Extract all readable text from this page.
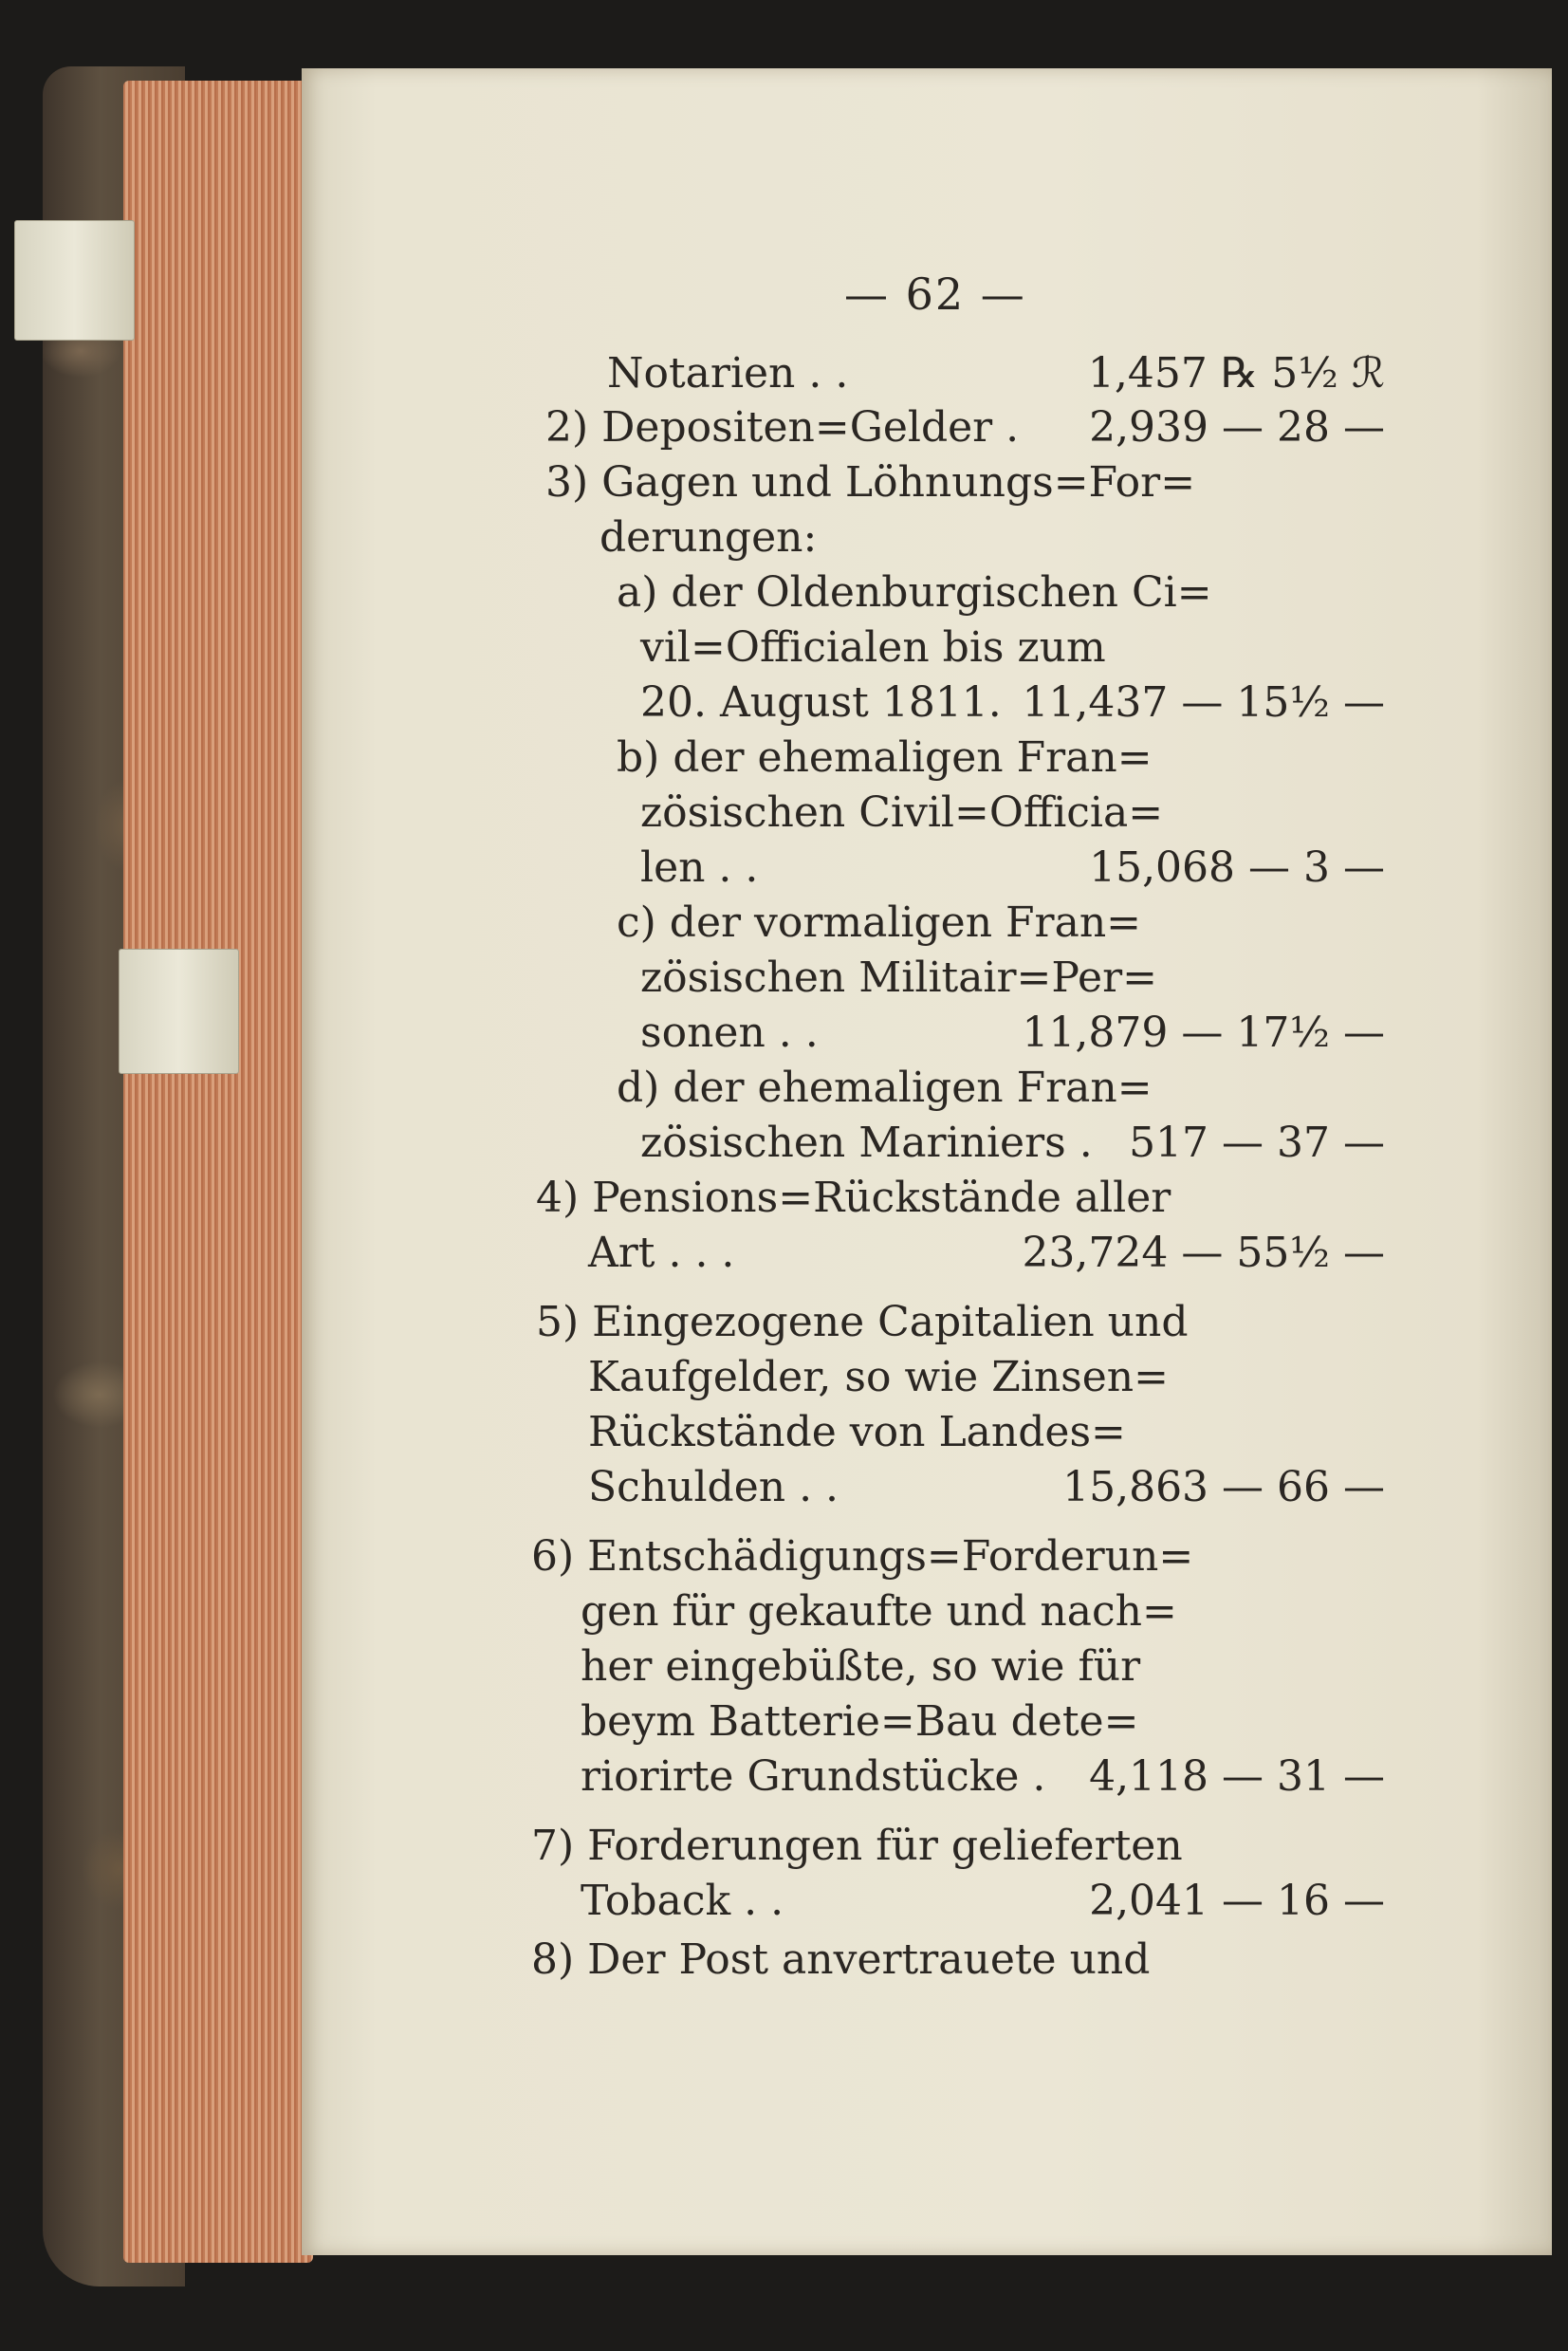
— 62 —
Notarien . .	1,457 ℞ 5½ ℛ
2) Depositen=Gelder . 2,939 — 28 —
3) Gagen und Löhnungs=For=
derungen:
a) der Oldenburgischen Ci=
vil=Officialen bis zum
20. August 1811. 11,437 — 15½ —
b) der ehemaligen Fran=
zösischen Civil=Officia=
len . .	15,068 — 3 —
c) der vormaligen Fran=
zösischen Militair=Per=
sonen . .	11,879 — 17½ —
d) der ehemaligen Fran=
zösischen Mariniers . 517 — 37 —
4) Pensions=Rückstände aller
Art . . .	23,724 — 55½ —
5) Eingezogene Capitalien und
Kaufgelder, so wie Zinsen=
Rückstände von Landes=
Schulden . .	15,863 — 66 —
6) Entschädigungs=Forderun=
gen für gekaufte und nach=
her eingebüßte, so wie für
beym Batterie=Bau dete=
riorirte Grundstücke . 4,118 — 31 —
7) Forderungen für gelieferten
Toback . .	2,041 — 16 —
8) Der Post anvertrauete und
